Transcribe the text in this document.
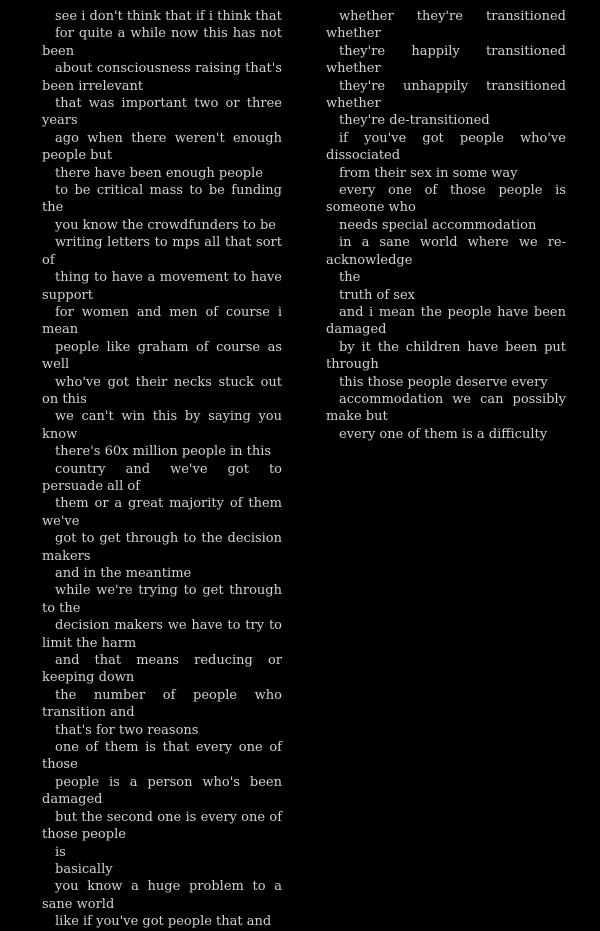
see i don't think that if i think that
for quite a while now this has not been
about consciousness raising that's been irrelevant
that was important two or three years
ago when there weren't enough people but
there have been enough people
to be critical mass to be funding the
you know the crowdfunders to be
writing letters to mps all that sort of
thing to have a movement to have support
for women and men of course i mean
people like graham of course as well
who've got their necks stuck out on this
we can't win this by saying you know
there's 60x million people in this
country and we've got to persuade all of
them or a great majority of them we've
got to get through to the decision makers
and in the meantime
while we're trying to get through to the
decision makers we have to try to limit the harm
and that means reducing or keeping down
the number of people who transition and
that's for two reasons
one of them is that every one of those
people is a person who's been damaged
but the second one is every one of those people
is
basically
you know a huge problem to a sane world
like if you've got people that and
whether they're transitioned whether
they're happily transitioned whether
they're unhappily transitioned whether
they're de-transitioned
if you've got people who've dissociated
from their sex in some way
every one of those people is someone who
needs special accommodation
in a sane world where we re-acknowledge
the
truth of sex
and i mean the people have been damaged
by it the children have been put through
this those people deserve every
accommodation we can possibly make but
every one of them is a difficulty
